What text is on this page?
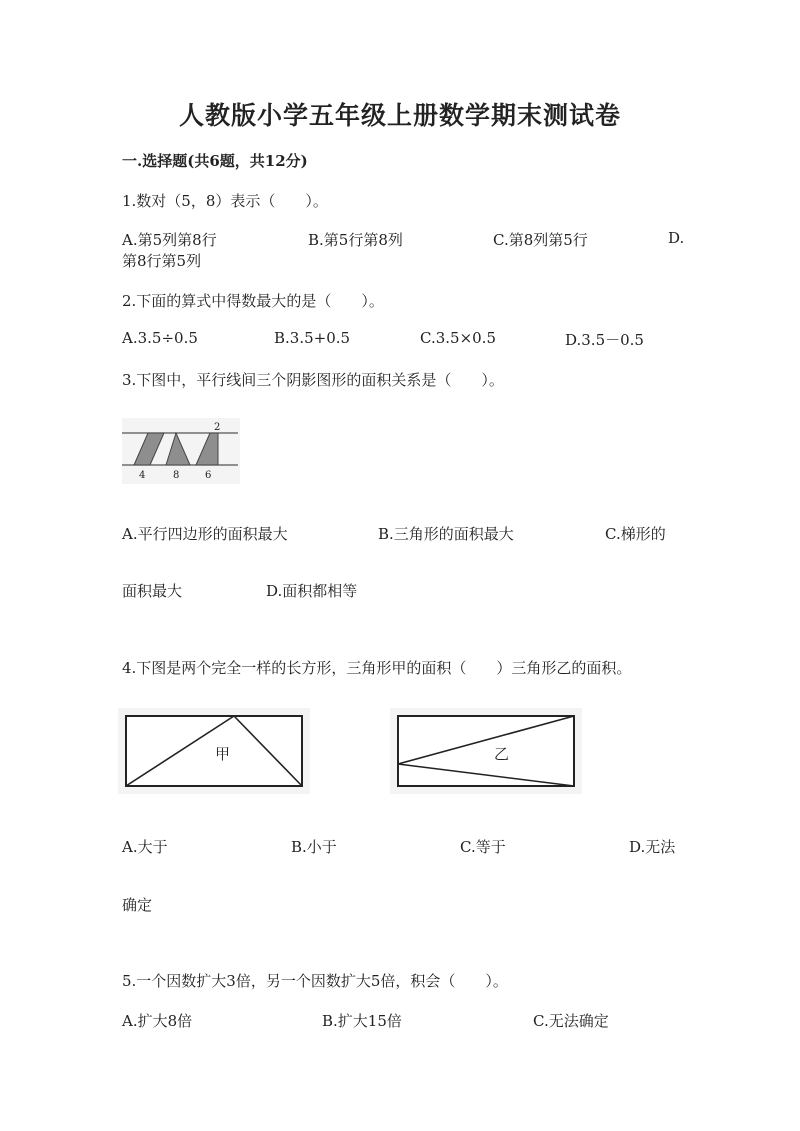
人教版小学五年级上册数学期末测试卷
一.选择题(共6题，共12分)
1.数对（5，8）表示（　　）。
A.第5列第8行	B.第5行第8列	C.第8列第5行	D.
第8行第5列
2.下面的算式中得数最大的是（　　）。
A.3.5÷0.5	B.3.5+0.5	C.3.5×0.5	D.3.5－0.5
3.下图中，平行线间三个阴影图形的面积关系是（　　）。
2
4	8	6
A.平行四边形的面积最大	B.三角形的面积最大	C.梯形的
面积最大	D.面积都相等
4.下图是两个完全一样的长方形，三角形甲的面积（　　）三角形乙的面积。
甲	乙
A.大于	B.小于	C.等于	D.无法
确定
5.一个因数扩大3倍，另一个因数扩大5倍，积会（　　）。
A.扩大8倍	B.扩大15倍	C.无法确定
